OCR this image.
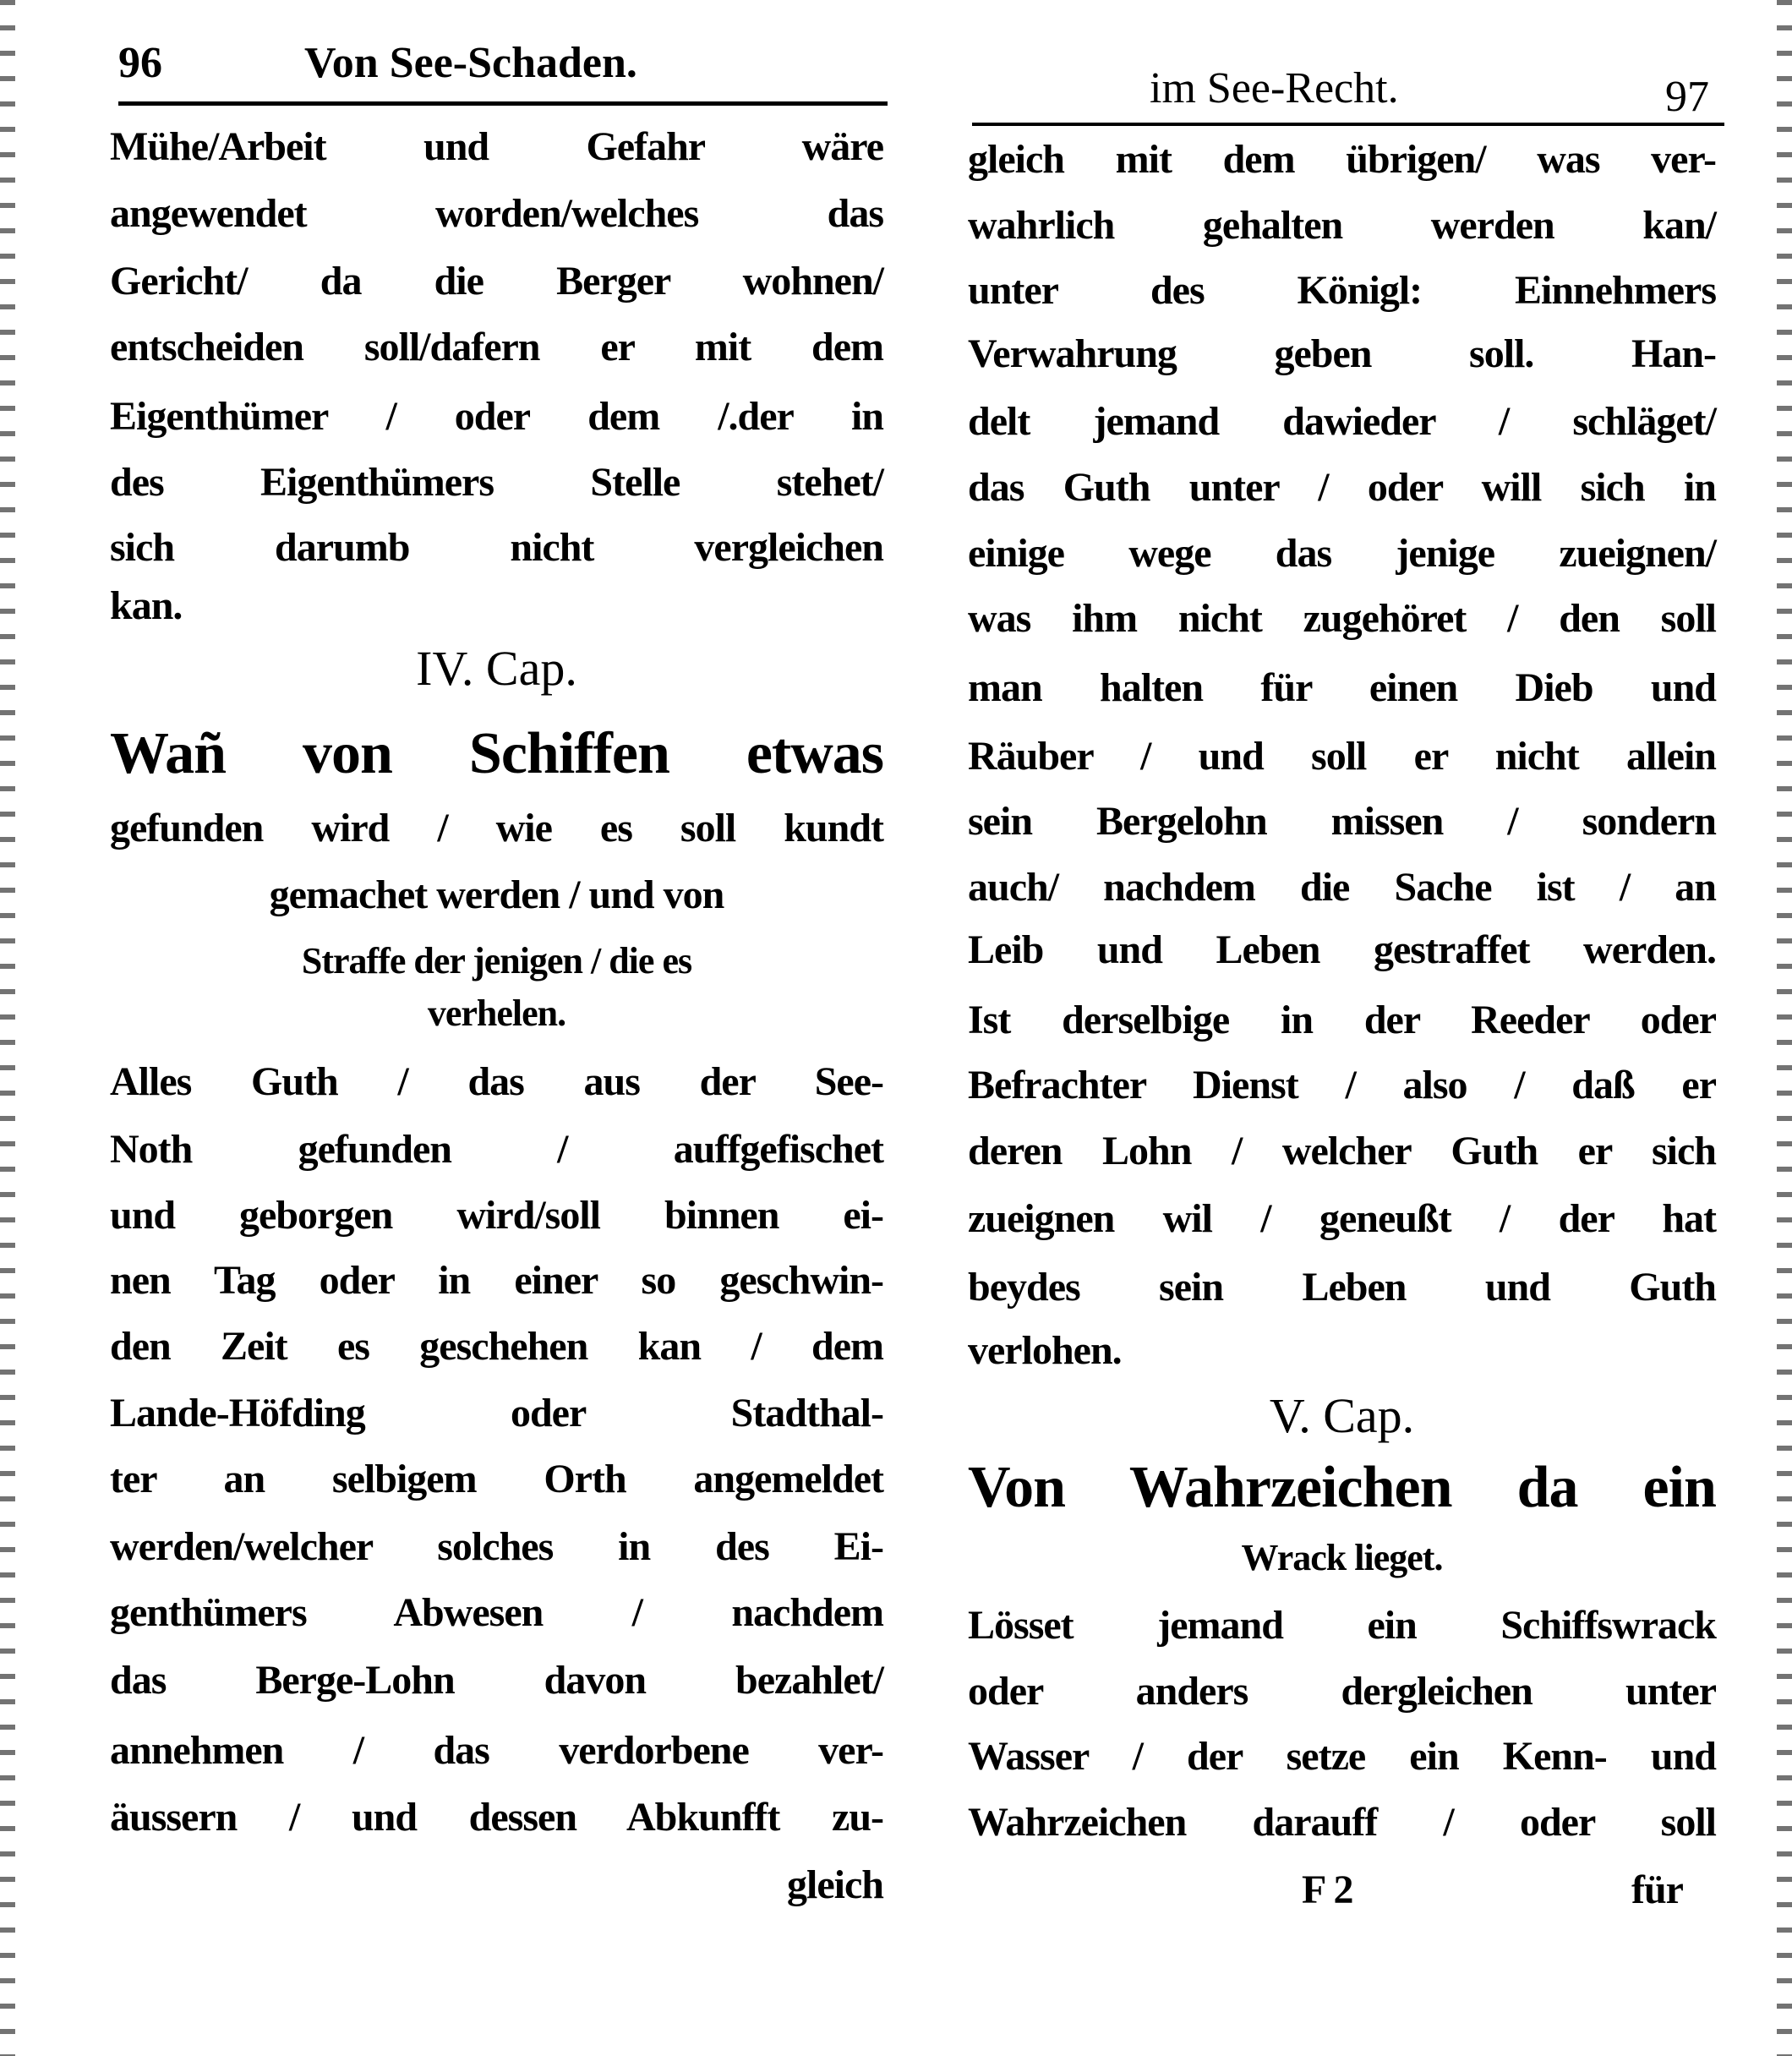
96	Von See-Schaden.
Mühe/Arbeit und Gefahr wäre
angewendet worden/welches das
Gericht/ da die Berger wohnen/
entscheiden soll/dafern er mit dem
Eigenthümer / oder dem /.der in
des Eigenthümers Stelle stehet/
sich darumb nicht vergleichen
kan.
IV. Cap.
Wañ von Schiffen etwas
gefunden wird / wie es soll kundt
gemachet werden / und von
Straffe der jenigen / die es
verhelen.
Alles Guth / das aus der See-
Noth gefunden / auffgefischet
und geborgen wird/soll binnen ei-
nen Tag oder in einer so geschwin-
den Zeit es geschehen kan / dem
Lande-Höfding oder Stadthal-
ter an selbigem Orth angemeldet
werden/welcher solches in des Ei-
genthümers Abwesen / nachdem
das Berge-Lohn davon bezahlet/
annehmen / das verdorbene ver-
äussern / und dessen Abkunfft zu-
gleich
im See-Recht.	97
F 2	für
gleich mit dem übrigen/ was ver-
wahrlich gehalten werden kan/
unter des Königl: Einnehmers
Verwahrung geben soll. Han-
delt jemand dawieder / schläget/
das Guth unter / oder will sich in
einige wege das jenige zueignen/
was ihm nicht zugehöret / den soll
man halten für einen Dieb und
Räuber / und soll er nicht allein
sein Bergelohn missen / sondern
auch/ nachdem die Sache ist / an
Leib und Leben gestraffet werden.
Ist derselbige in der Reeder oder
Befrachter Dienst / also / daß er
deren Lohn / welcher Guth er sich
zueignen wil / geneußt / der hat
beydes sein Leben und Guth
verlohen.
V. Cap.
Von Wahrzeichen da ein
Wrack lieget.
Lösset jemand ein Schiffswrack
oder anders dergleichen unter
Wasser / der setze ein Kenn- und
Wahrzeichen darauff / oder soll
